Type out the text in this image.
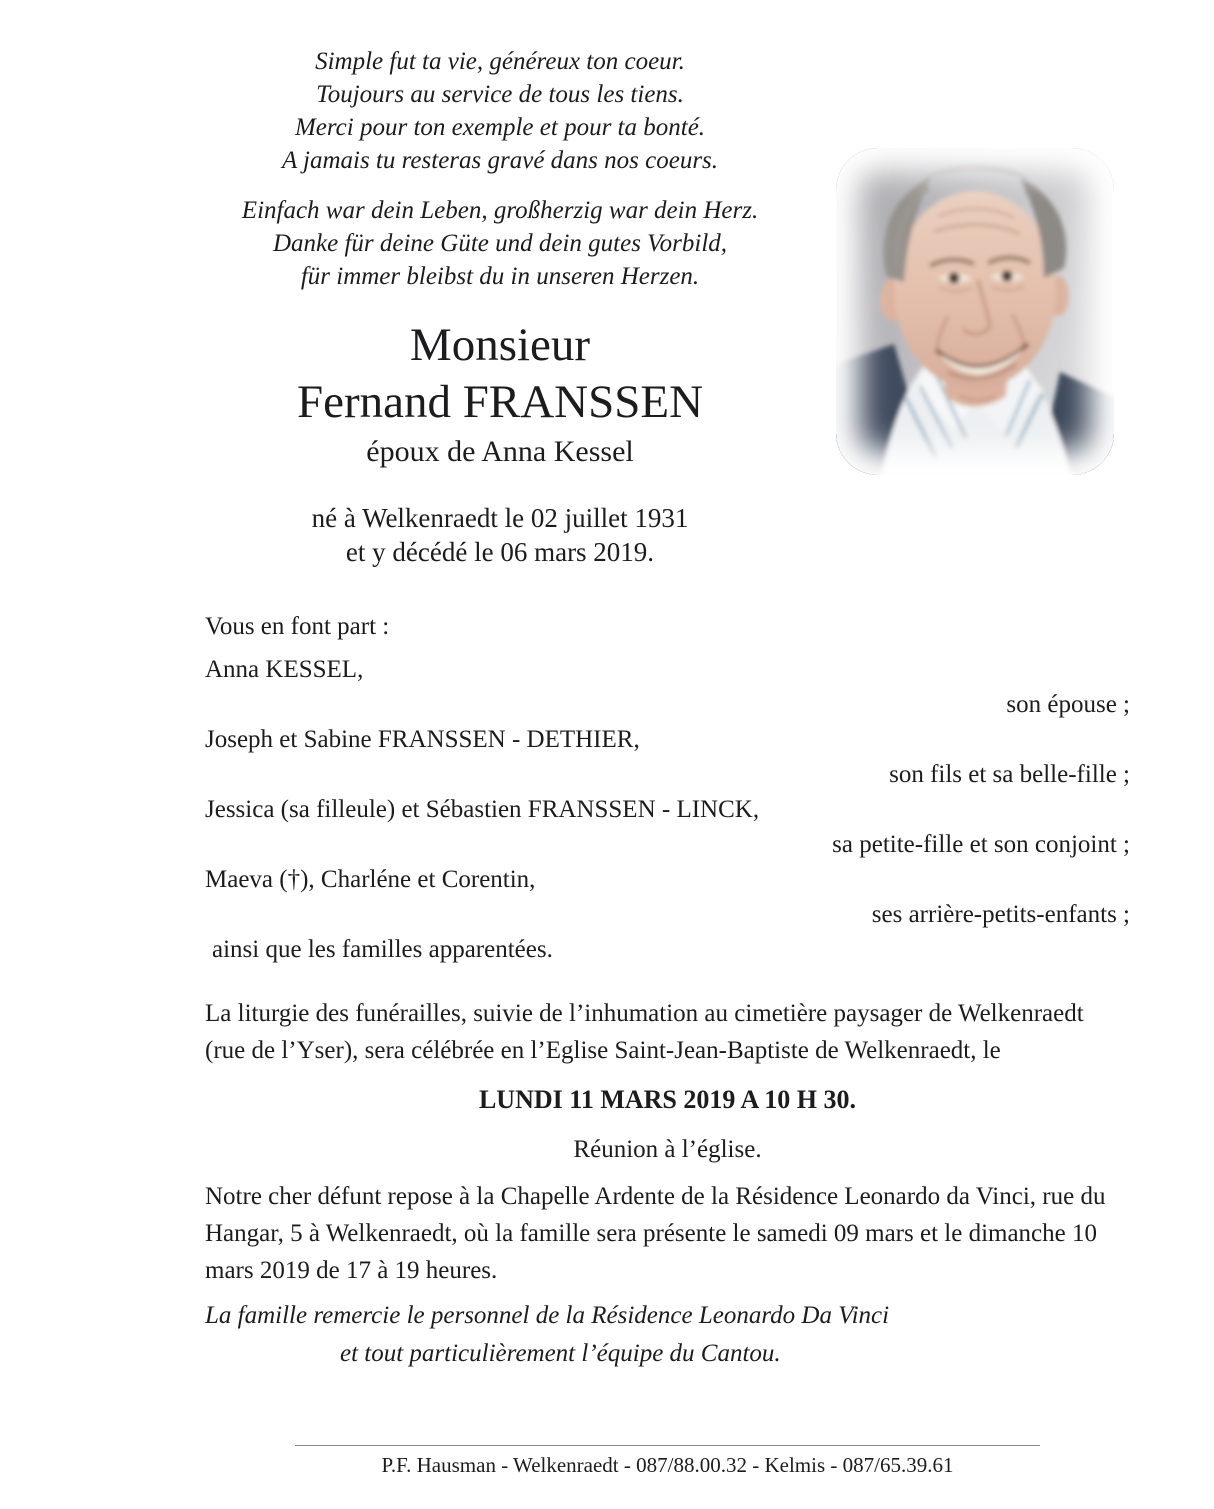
Simple fut ta vie, généreux ton coeur.
Toujours au service de tous les tiens.
Merci pour ton exemple et pour ta bonté.
A jamais tu resteras gravé dans nos coeurs.
Einfach war dein Leben, großherzig war dein Herz.
Danke für deine Güte und dein gutes Vorbild,
für immer bleibst du in unseren Herzen.
Monsieur
Fernand FRANSSEN
époux de Anna Kessel
né à Welkenraedt le 02 juillet 1931
et y décédé le 06 mars 2019.
Vous en font part :
Anna KESSEL,
son épouse ;
Joseph et Sabine FRANSSEN - DETHIER,
son fils et sa belle-fille ;
Jessica (sa filleule) et Sébastien FRANSSEN - LINCK,
sa petite-fille et son conjoint ;
Maeva (†), Charléne et Corentin,
ses arrière-petits-enfants ;
ainsi que les familles apparentées.
La liturgie des funérailles, suivie de l’inhumation au cimetière paysager de Welkenraedt (rue de l’Yser), sera célébrée en l’Eglise Saint-Jean-Baptiste de Welkenraedt, le
LUNDI 11 MARS 2019 A 10 H 30.
Réunion à l’église.
Notre cher défunt repose à la Chapelle Ardente de la Résidence Leonardo da Vinci, rue du Hangar, 5 à Welkenraedt, où la famille sera présente le samedi 09 mars et le dimanche 10 mars 2019 de 17 à 19 heures.
La famille remercie le personnel de la Résidence Leonardo Da Vinci
et tout particulièrement l’équipe du Cantou.
P.F. Hausman - Welkenraedt - 087/88.00.32 - Kelmis - 087/65.39.61
